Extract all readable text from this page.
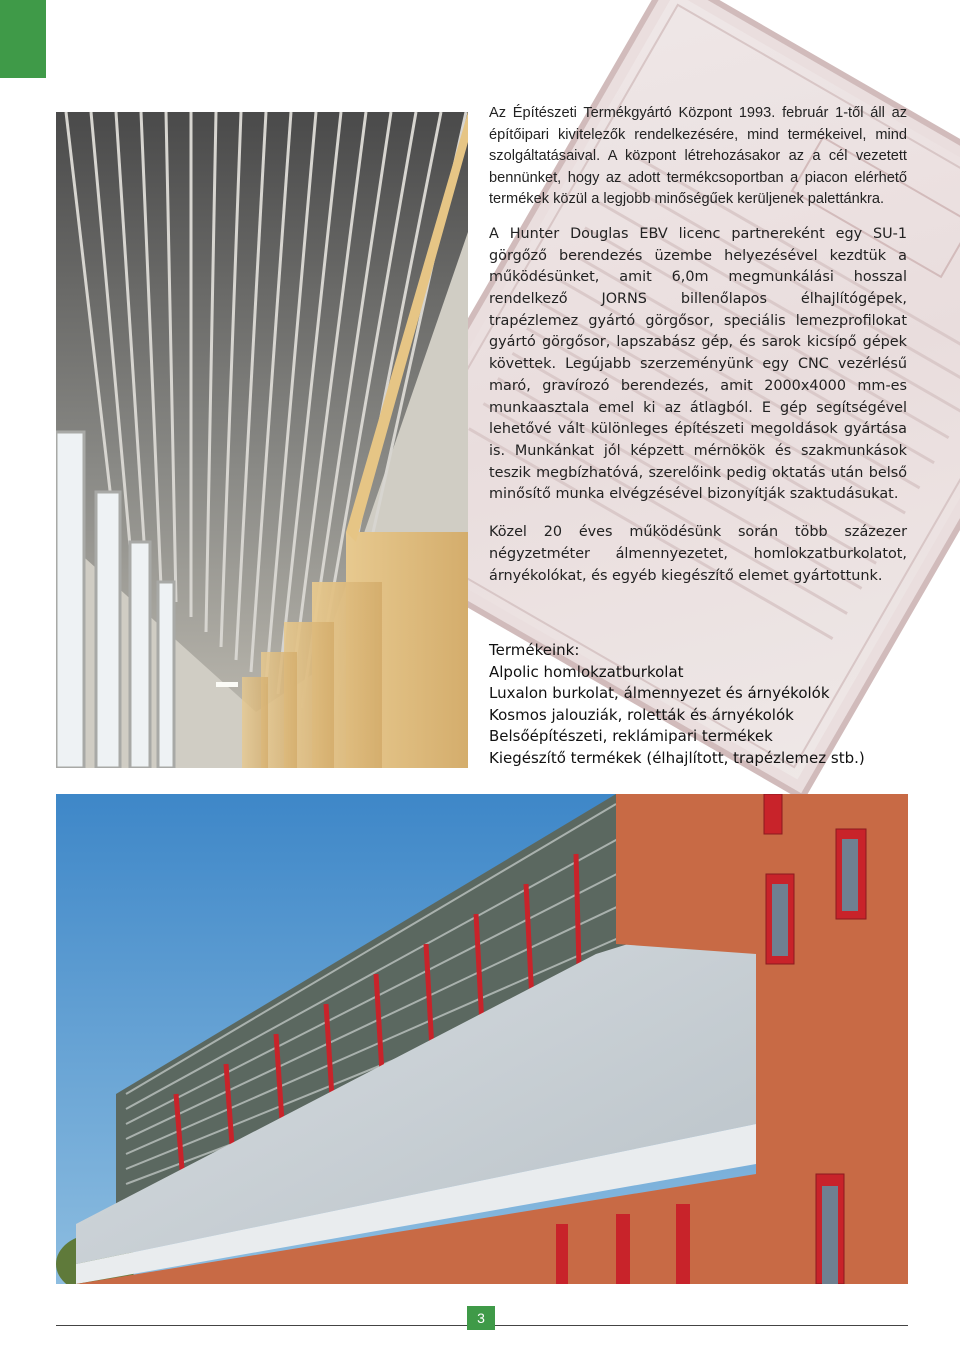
Az Építészeti Termékgyártó Központ 1993. február 1-től áll az építőipari kivitelezők rendelkezésére, mind termékeivel, mind szolgáltatásaival. A központ létrehozásakor az a cél vezetett bennünket, hogy az adott termékcsoportban a piacon elérhető termékek közül a legjobb minőségűek kerüljenek palettánkra.

A Hunter Douglas EBV licenc partnereként egy SU-1 görgőző berendezés üzembe helyezésével kezdtük a működésünket, amit 6,0m megmunkálási hosszal rendelkező JORNS billenőlapos élhajlítógépek, trapézlemez gyártó görgősor, speciális lemezprofilokat gyártó görgősor, lapszabász gép, és sarok kicsípő gépek követtek. Legújabb szerzeményünk egy CNC vezérlésű maró, gravírozó berendezés, amit 2000x4000 mm-es munkaasztala emel ki az átlagból. E gép segítségével lehetővé vált különleges építészeti megoldások gyártása is. Munkánkat jól képzett mérnökök és szakmunkások teszik megbízhatóvá, szerelőink pedig oktatás után belső minősítő munka elvégzésével bizonyítják szaktudásukat.

Közel 20 éves működésünk során több százezer négyzetméter álmennyezetet, homlokzatburkolatot, árnyékolókat, és egyéb kiegészítő elemet gyártottunk.

Termékeink:
Alpolic homlokzatburkolat
Luxalon burkolat, álmennyezet és árnyékolók
Kosmos jalouziák, roletták és árnyékolók
Belsőépítészeti, reklámipari termékek
Kiegészítő termékek (élhajlított, trapézlemez stb.)
3
